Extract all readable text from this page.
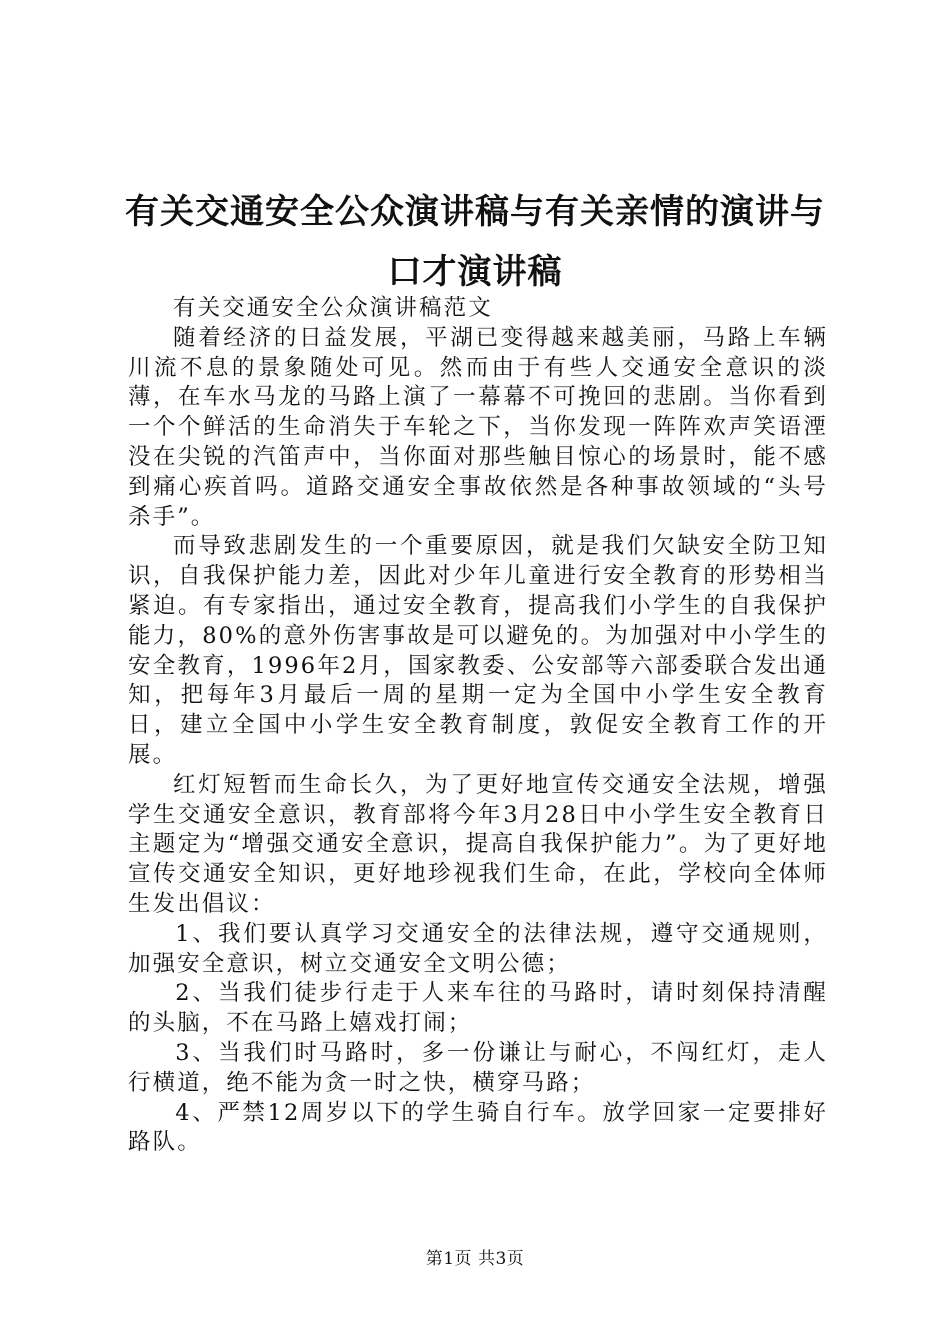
有关交通安全公众演讲稿与有关亲情的演讲与
口才演讲稿

有关交通安全公众演讲稿范文

随着经济的日益发展，平湖已变得越来越美丽，马路上车辆川流不息的景象随处可见。然而由于有些人交通安全意识的淡薄，在车水马龙的马路上演了一幕幕不可挽回的悲剧。当你看到一个个鲜活的生命消失于车轮之下，当你发现一阵阵欢声笑语湮没在尖锐的汽笛声中，当你面对那些触目惊心的场景时，能不感到痛心疾首吗。道路交通安全事故依然是各种事故领域的“头号杀手”。

而导致悲剧发生的一个重要原因，就是我们欠缺安全防卫知识，自我保护能力差，因此对少年儿童进行安全教育的形势相当紧迫。有专家指出，通过安全教育，提高我们小学生的自我保护能力，80%的意外伤害事故是可以避免的。为加强对中小学生的安全教育，1996年2月，国家教委、公安部等六部委联合发出通知，把每年3月最后一周的星期一定为全国中小学生安全教育日，建立全国中小学生安全教育制度，敦促安全教育工作的开展。

红灯短暂而生命长久，为了更好地宣传交通安全法规，增强学生交通安全意识，教育部将今年3月28日中小学生安全教育日主题定为“增强交通安全意识，提高自我保护能力”。为了更好地宣传交通安全知识，更好地珍视我们生命，在此，学校向全体师生发出倡议：

1、我们要认真学习交通安全的法律法规，遵守交通规则，加强安全意识，树立交通安全文明公德；

2、当我们徒步行走于人来车往的马路时，请时刻保持清醒的头脑，不在马路上嬉戏打闹；

3、当我们时马路时，多一份谦让与耐心，不闯红灯，走人行横道，绝不能为贪一时之快，横穿马路；

4、严禁12周岁以下的学生骑自行车。放学回家一定要排好路队。

第1页 共3页
